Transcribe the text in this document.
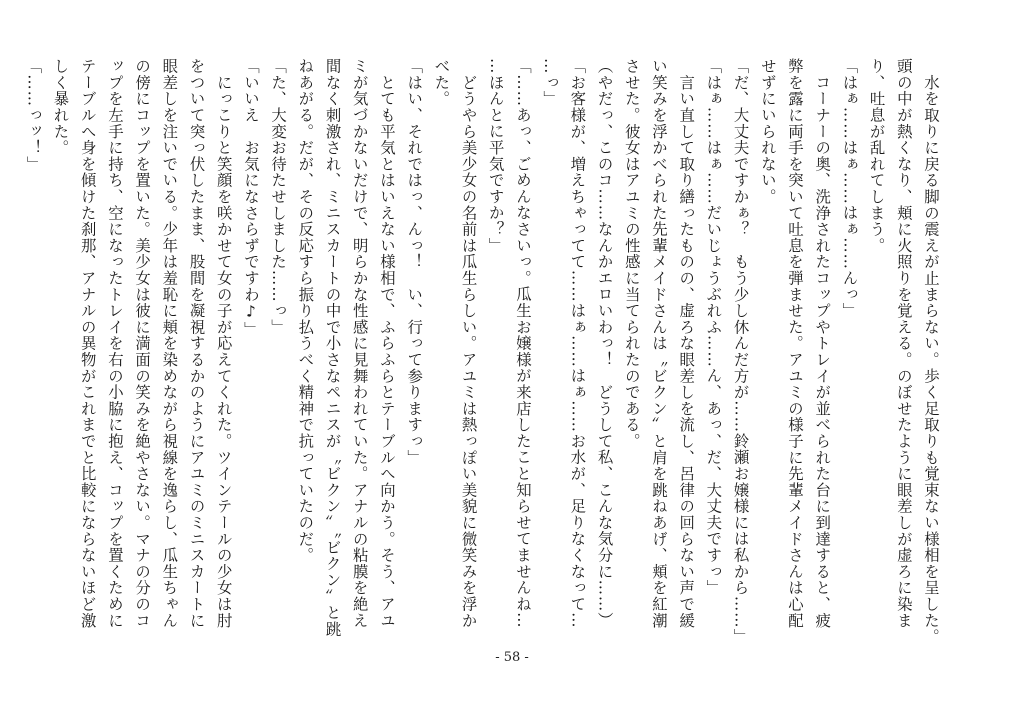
　水を取りに戻る脚の震えが止まらない。歩く足取りも覚束ない様相を呈した。
頭の中が熱くなり、頬に火照りを覚える。のぼせたように眼差しが虚ろに染ま
り、吐息が乱れてしまう。
「はぁ……はぁ……はぁ……んっ」
　コーナーの奥、洗浄されたコップやトレイが並べられた台に到達すると、疲
弊を露に両手を突いて吐息を弾ませた。アユミの様子に先輩メイドさんは心配
せずにいられない。
「だ、大丈夫ですかぁ？　もう少し休んだ方が……鈴瀬お嬢様には私から……」
「はぁ……はぁ……だいじょうぶれふ……ん、あっ、だ、大丈夫ですっ」
　言い直して取り繕ったものの、虚ろな眼差しを流し、呂律の回らない声で緩
い笑みを浮かべられた先輩メイドさんは〝ビクン〟と肩を跳ねあげ、頬を紅潮
させた。彼女はアユミの性感に当てられたのである。
（やだっ、このコ……なんかエロいわっ！　どうして私、こんな気分に……）
「お客様が、増えちゃってて……はぁ……はぁ……お水が、足りなくなって…
…っ」
「……あっ、ごめんなさいっ。瓜生お嬢様が来店したこと知らせてませんね…
…ほんとに平気ですか？」
　どうやら美少女の名前は瓜生らしい。アユミは熱っぽい美貌に微笑みを浮か
べた。
「はい、それではっ、んっ！　い、行って参りますっ」
　とても平気とはいえない様相で、ふらふらとテーブルへ向かう。そう、アユ
ミが気づかないだけで、明らかな性感に見舞われていた。アナルの粘膜を絶え
間なく刺激され、ミニスカートの中で小さなペニスが〝ビクン〟〝ビクン〟と跳
ねあがる。だが、その反応すら振り払うべく精神で抗っていたのだ。
「た、大変お待たせしました……っ」
「いいえ　お気になさらずですわ♪」
　にっこりと笑顔を咲かせて女の子が応えてくれた。ツインテールの少女は肘
をついて突っ伏したまま、股間を凝視するかのようにアユミのミニスカートに
眼差しを注いでいる。少年は羞恥に頬を染めながら視線を逸らし、瓜生ちゃん
の傍にコップを置いた。美少女は彼に満面の笑みを絶やさない。マナの分のコ
ップを左手に持ち、空になったトレイを右の小脇に抱え、コップを置くために
テーブルへ身を傾けた刹那、アナルの異物がこれまでと比較にならないほど激
しく暴れた。
「……っッ！」
- 58 -
